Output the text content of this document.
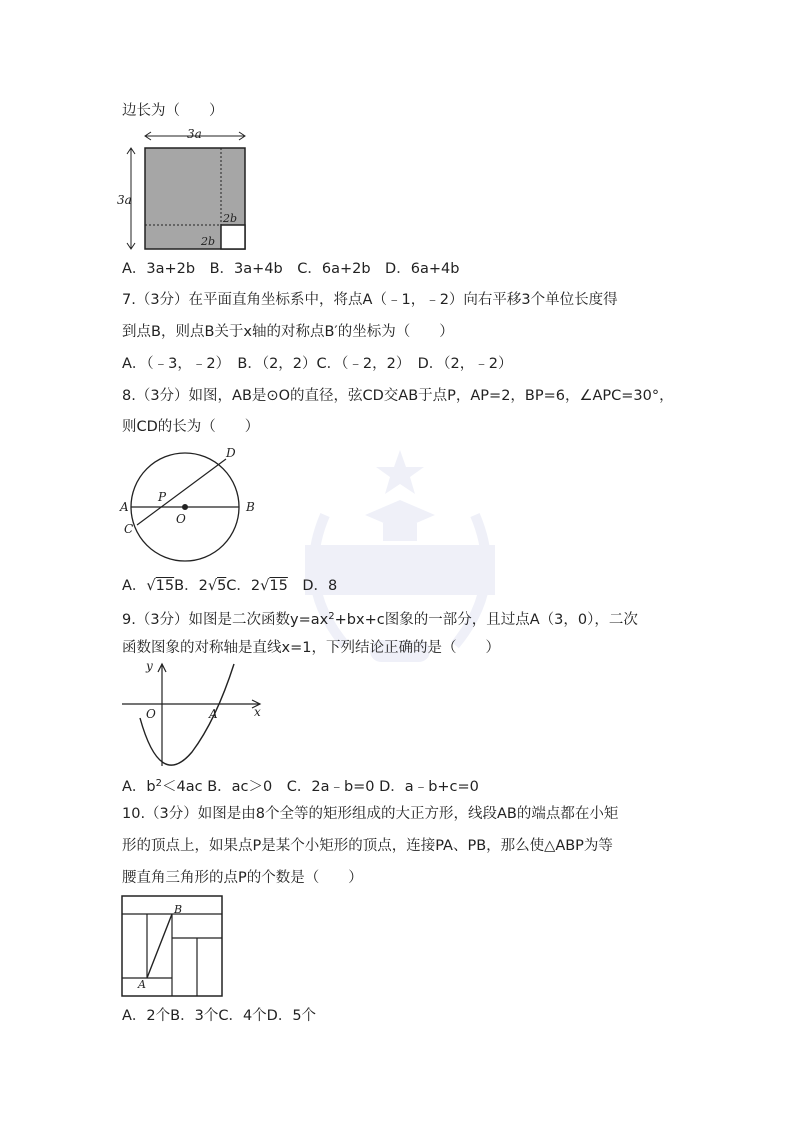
边长为（　　）
3a
3a
2b
2b
A．3a+2b　B．3a+4b　C．6a+2b　D．6a+4b
7.（3分）在平面直角坐标系中，将点A（﹣1，﹣2）向右平移3个单位长度得
到点B，则点B关于x轴的对称点B′的坐标为（　　）
A．（﹣3，﹣2）　B．（2，2）C．（﹣2，2）　D．（2，﹣2）
8.（3分）如图，AB是⊙O的直径，弦CD交AB于点P，AP=2，BP=6，∠APC=30°，
则CD的长为（　　）
A	B
C
D
P
O
A．√15B．2√5C．2√15　D．8
9.（3分）如图是二次函数$y=ax^2+bx+c$图象的一部分，且过点A（3，0），二次
函数图象的对称轴是直线x=1，下列结论正确的是（　　）
y
x
O	A
A．$b^2<4ac$ B．ac＞0　C．2a﹣b=0 D．a﹣b+c=0
10.（3分）如图是由8个全等的矩形组成的大正方形，线段AB的端点都在小矩
形的顶点上，如果点P是某个小矩形的顶点，连接PA、PB，那么使△ABP为等
腰直角三角形的点P的个数是（　　）
B
A
A．2个B．3个C．4个D．5个
